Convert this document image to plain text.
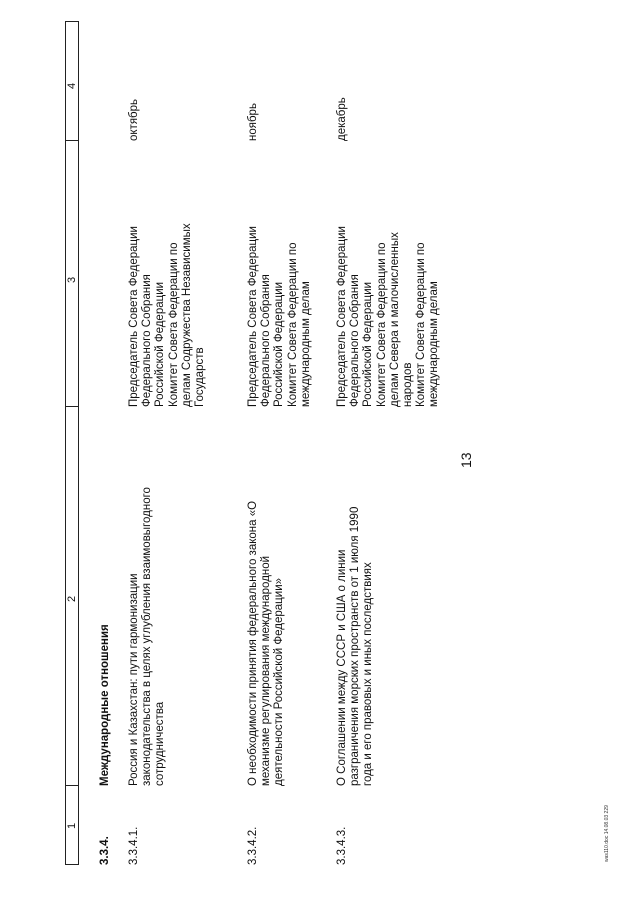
13
1
2
3
4
3.3.4.
Международные отношения
3.3.4.1.
Россия и Казахстан: пути гармонизации законодательства в целях углубления взаимовыгодного сотрудничества
Председатель Совета Федерации Федерального Собрания Российской Федерации Комитет Совета Федерации по делам Содружества Независимых Государств
октябрь
3.3.4.2.
О необходимости принятия федерального закона «О механизме регулирования международной деятельности Российской Федерации»
Председатель Совета Федерации Федерального Собрания Российской Федерации Комитет Совета Федерации по международным делам
ноябрь
3.3.4.3.
О Соглашении между СССР и США о линии разграничения морских пространств от 1 июля 1990 года и его правовых и иных последствиях
Председатель Совета Федерации Федерального Собрания Российской Федерации Комитет Совета Федерации по делам Севера и малочисленных народов Комитет Совета Федерации по международным делам
декабрь
was110.doc 14.08.03 229
